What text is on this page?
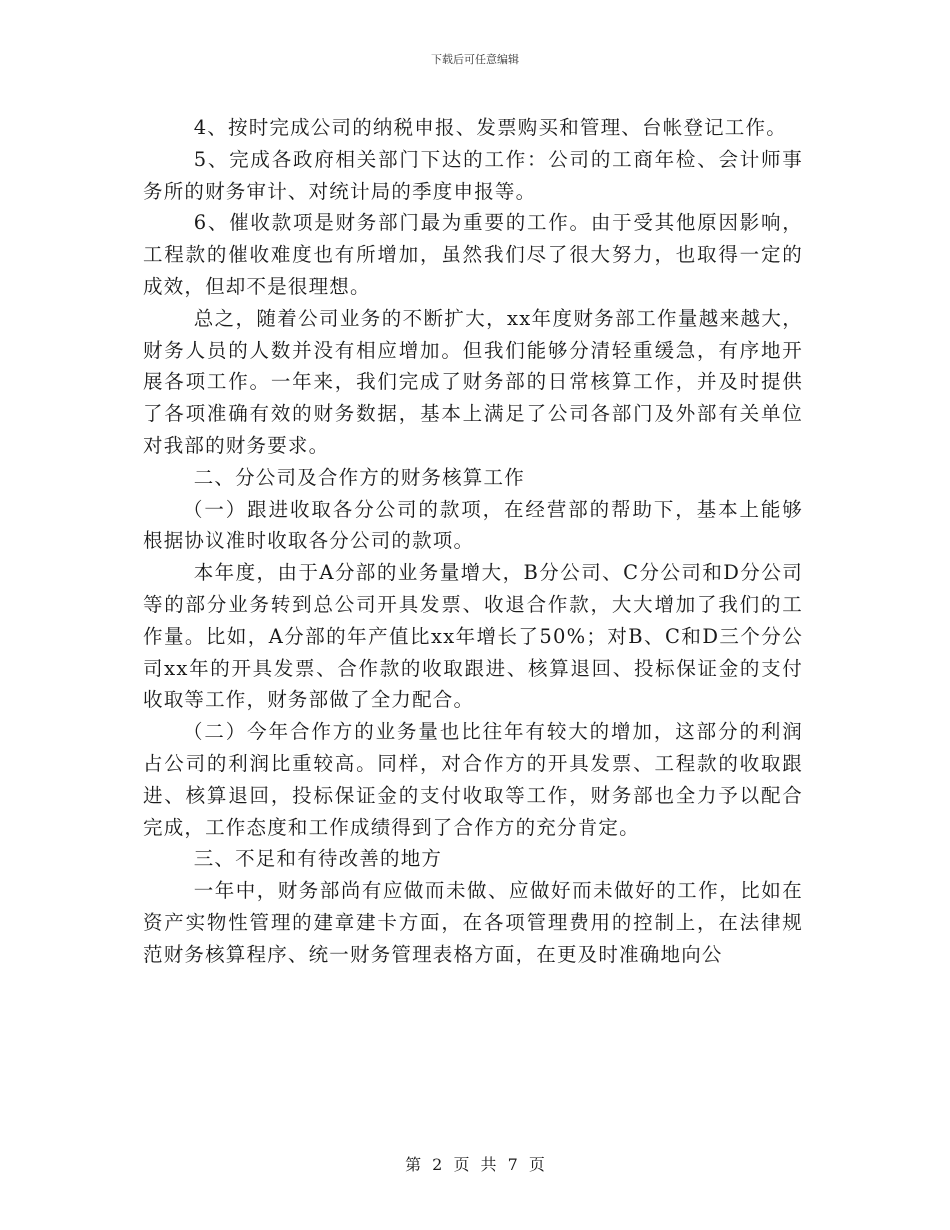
下载后可任意编辑

4、按时完成公司的纳税申报、发票购买和管理、台帐登记工作。

5、完成各政府相关部门下达的工作：公司的工商年检、会计师事务所的财务审计、对统计局的季度申报等。

6、催收款项是财务部门最为重要的工作。由于受其他原因影响，工程款的催收难度也有所增加，虽然我们尽了很大努力，也取得一定的成效，但却不是很理想。

总之，随着公司业务的不断扩大，xx年度财务部工作量越来越大，财务人员的人数并没有相应增加。但我们能够分清轻重缓急，有序地开展各项工作。一年来，我们完成了财务部的日常核算工作，并及时提供了各项准确有效的财务数据，基本上满足了公司各部门及外部有关单位对我部的财务要求。

二、分公司及合作方的财务核算工作

（一）跟进收取各分公司的款项，在经营部的帮助下，基本上能够根据协议准时收取各分公司的款项。

本年度，由于A分部的业务量增大，B分公司、C分公司和D分公司等的部分业务转到总公司开具发票、收退合作款，大大增加了我们的工作量。比如，A分部的年产值比xx年增长了50%；对B、C和D三个分公司xx年的开具发票、合作款的收取跟进、核算退回、投标保证金的支付收取等工作，财务部做了全力配合。

（二）今年合作方的业务量也比往年有较大的增加，这部分的利润占公司的利润比重较高。同样，对合作方的开具发票、工程款的收取跟进、核算退回，投标保证金的支付收取等工作，财务部也全力予以配合完成，工作态度和工作成绩得到了合作方的充分肯定。

三、不足和有待改善的地方

一年中，财务部尚有应做而未做、应做好而未做好的工作，比如在资产实物性管理的建章建卡方面，在各项管理费用的控制上，在法律规范财务核算程序、统一财务管理表格方面，在更及时准确地向公

第 2 页 共 7 页
